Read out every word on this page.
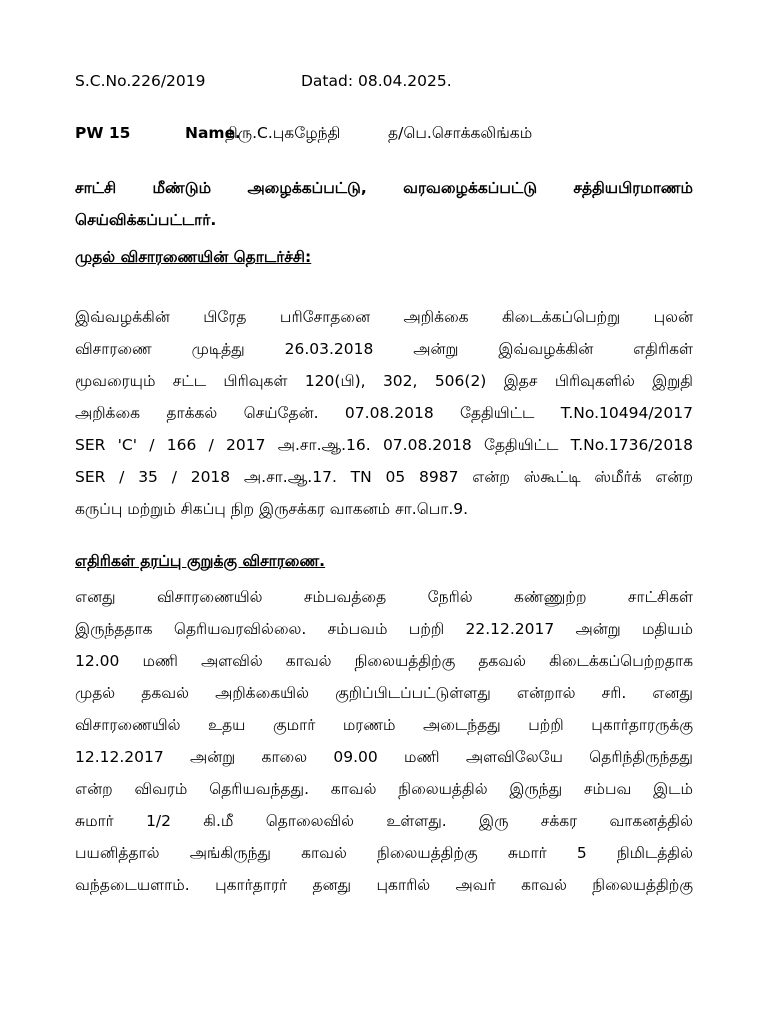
S.C.No.226/2019	Datad: 08.04.2025.
PW 15	Name.
திரு.C.புகழேந்தி	த/பெ.சொக்கலிங்கம்
சாட்சி மீண்டும் அழைக்கப்பட்டு, வரவழைக்கப்பட்டு சத்தியபிரமாணம்
செய்விக்கப்பட்டார்.
முதல் விசாரணையின் தொடர்ச்சி:
இவ்வழக்கின் பிரேத பரிசோதனை அறிக்கை கிடைக்கப்பெற்று புலன்
விசாரணை முடித்து 26.03.2018 அன்று இவ்வழக்கின் எதிரிகள்
மூவரையும் சட்ட பிரிவுகள் 120(பி), 302, 506(2) இதச பிரிவுகளில் இறுதி
அறிக்கை தாக்கல் செய்தேன். 07.08.2018 தேதியிட்ட T.No.10494/2017
SER 'C' / 166 / 2017 அ.சா.ஆ.16. 07.08.2018 தேதியிட்ட T.No.1736/2018
SER / 35 / 2018 அ.சா.ஆ.17. TN 05 8987 என்ற ஸ்கூட்டி ஸ்மீர்க் என்ற
கருப்பு மற்றும் சிகப்பு நிற இருசக்கர வாகனம் சா.பொ.9.
எதிரிகள் தரப்பு குறுக்கு விசாரணை.
எனது விசாரணையில் சம்பவத்தை நேரில் கண்ணுற்ற சாட்சிகள்
இருந்ததாக தெரியவரவில்லை. சம்பவம் பற்றி 22.12.2017 அன்று மதியம்
12.00 மணி அளவில் காவல் நிலையத்திற்கு தகவல் கிடைக்கப்பெற்றதாக
முதல் தகவல் அறிக்கையில் குறிப்பிடப்பட்டுள்ளது என்றால் சரி. எனது
விசாரணையில் உதய குமார் மரணம் அடைந்தது பற்றி புகார்தாரருக்கு
12.12.2017 அன்று காலை 09.00 மணி அளவிலேயே தெரிந்திருந்தது
என்ற விவரம் தெரியவந்தது. காவல் நிலையத்தில் இருந்து சம்பவ இடம்
சுமார் 1/2 கி.மீ தொலைவில் உள்ளது. இரு சக்கர வாகனத்தில்
பயனித்தால் அங்கிருந்து காவல் நிலையத்திற்கு சுமார் 5 நிமிடத்தில்
வந்தடையளாம். புகார்தாரர் தனது புகாரில் அவர் காவல் நிலையத்திற்கு
